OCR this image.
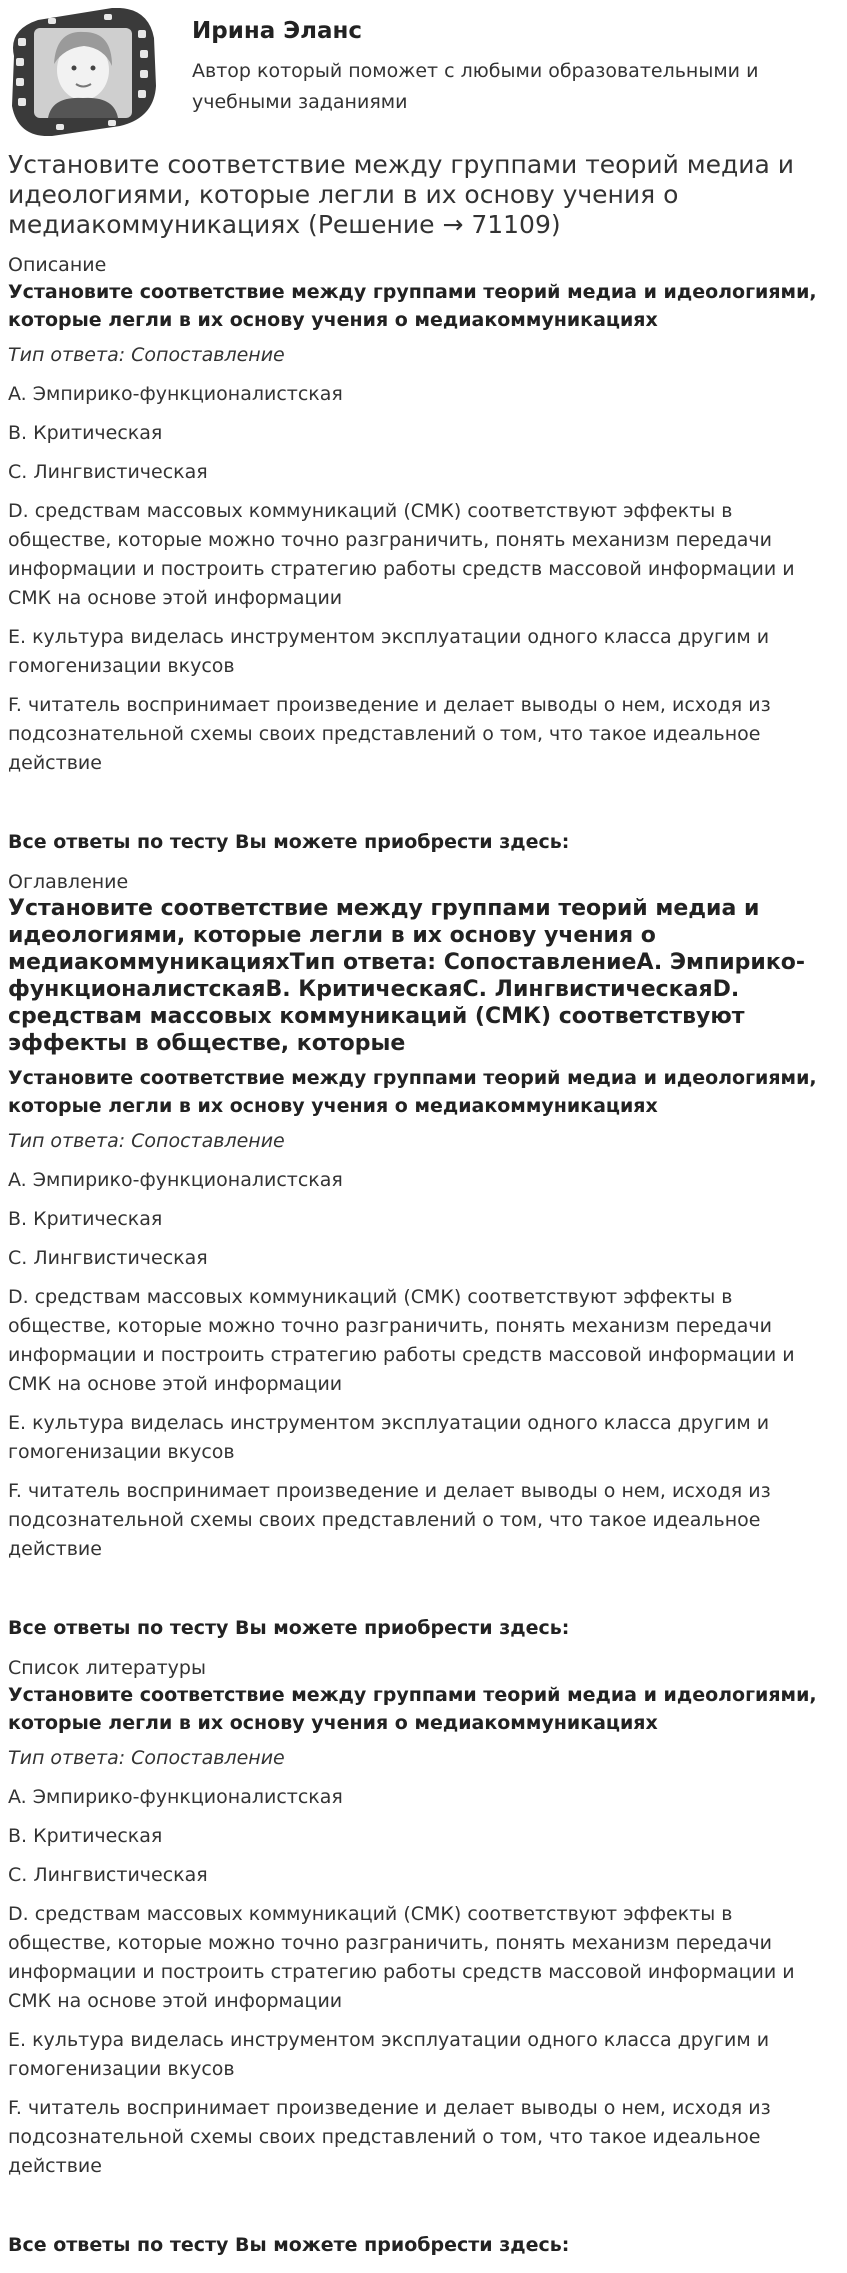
Ирина Эланс
Автор который поможет с любыми образовательными и учебными заданиями
Установите соответствие между группами теорий медиа и идеологиями, которые легли в их основу учения о медиакоммуникациях (Решение → 71109)

Описание

Установите соответствие между группами теорий медиа и идеологиями, которые легли в их основу учения о медиакоммуникациях

Тип ответа: Сопоставление

A. Эмпирико-функционалистская

B. Критическая

C. Лингвистическая

D. средствам массовых коммуникаций (СМК) соответствуют эффекты в обществе, которые можно точно разграничить, понять механизм передачи информации и построить стратегию работы средств массовой информации и СМК на основе этой информации

E. культура виделась инструментом эксплуатации одного класса другим и гомогенизации вкусов

F. читатель воспринимает произведение и делает выводы о нем, исходя из подсознательной схемы своих представлений о том, что такое идеальное действие

Все ответы по тесту Вы можете приобрести здесь:

Оглавление

Установите соответствие между группами теорий медиа и идеологиями, которые легли в их основу учения о медиакоммуникацияхТип ответа: СопоставлениеA. Эмпирико-функционалистскаяB. КритическаяC. ЛингвистическаяD. средствам массовых коммуникаций (СМК) соответствуют эффекты в обществе, которые

Установите соответствие между группами теорий медиа и идеологиями, которые легли в их основу учения о медиакоммуникациях

Тип ответа: Сопоставление

A. Эмпирико-функционалистская

B. Критическая

C. Лингвистическая

D. средствам массовых коммуникаций (СМК) соответствуют эффекты в обществе, которые можно точно разграничить, понять механизм передачи информации и построить стратегию работы средств массовой информации и СМК на основе этой информации

E. культура виделась инструментом эксплуатации одного класса другим и гомогенизации вкусов

F. читатель воспринимает произведение и делает выводы о нем, исходя из подсознательной схемы своих представлений о том, что такое идеальное действие

Все ответы по тесту Вы можете приобрести здесь:

Список литературы

Установите соответствие между группами теорий медиа и идеологиями, которые легли в их основу учения о медиакоммуникациях

Тип ответа: Сопоставление

A. Эмпирико-функционалистская

B. Критическая

C. Лингвистическая

D. средствам массовых коммуникаций (СМК) соответствуют эффекты в обществе, которые можно точно разграничить, понять механизм передачи информации и построить стратегию работы средств массовой информации и СМК на основе этой информации

E. культура виделась инструментом эксплуатации одного класса другим и гомогенизации вкусов

F. читатель воспринимает произведение и делает выводы о нем, исходя из подсознательной схемы своих представлений о том, что такое идеальное действие

Все ответы по тесту Вы можете приобрести здесь:
